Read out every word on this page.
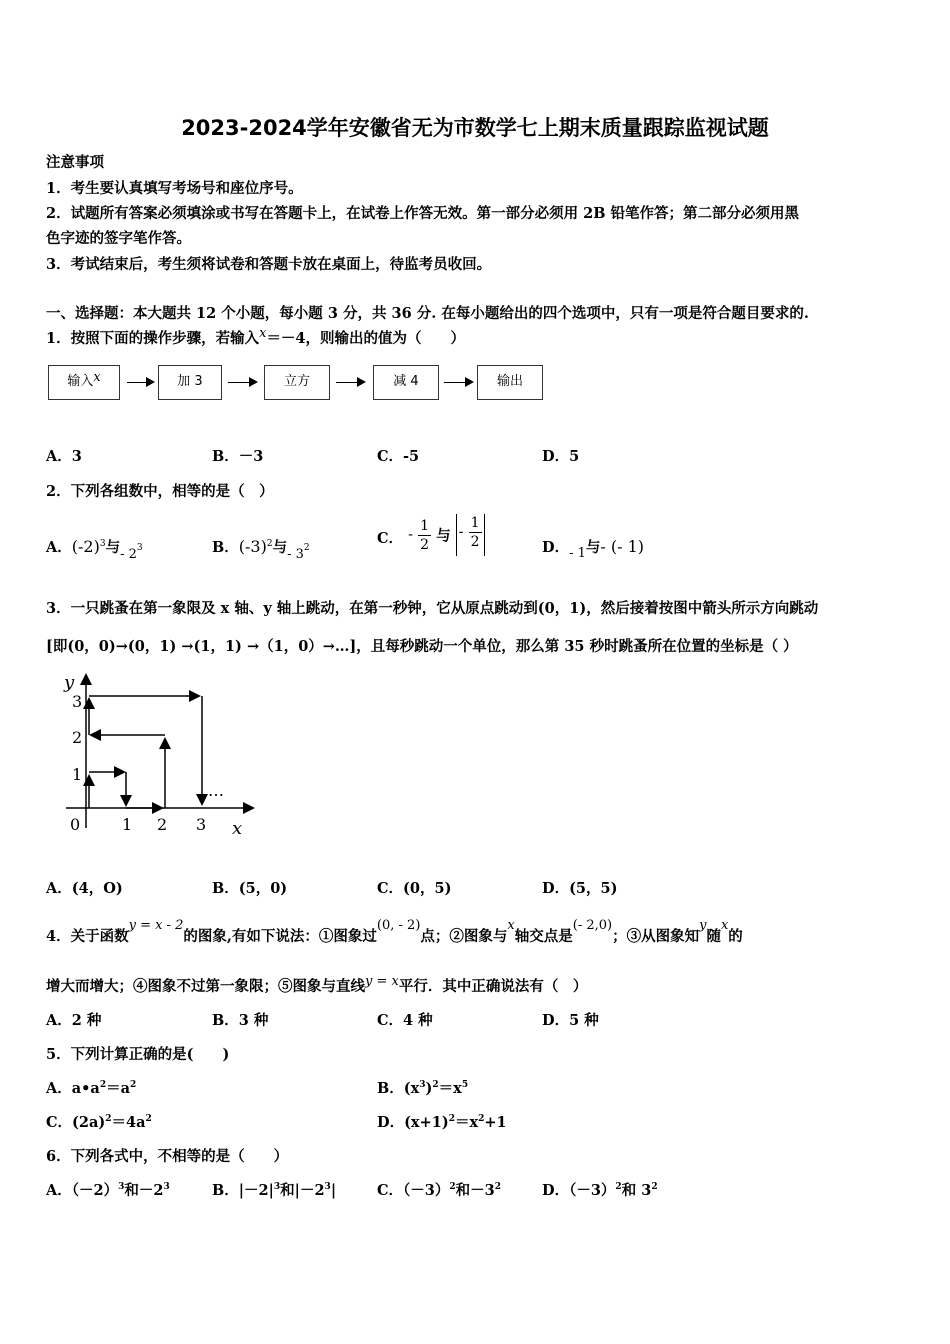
2023-2024学年安徽省无为市数学七上期末质量跟踪监视试题
注意事项
1．考生要认真填写考场号和座位序号。
2．试题所有答案必须填涂或书写在答题卡上，在试卷上作答无效。第一部分必须用 2B 铅笔作答；第二部分必须用黑
色字迹的签字笔作答。
3．考试结束后，考生须将试卷和答题卡放在桌面上，待监考员收回。
一、选择题：本大题共 12 个小题，每小题 3 分，共 36 分. 在每小题给出的四个选项中，只有一项是符合题目要求的.
1．按照下面的操作步骤，若输入x＝－4，则输出的值为（　　）
输入x	加 3	立方	减 4	输出
A．3	B．－3	C．-5	D．5
2．下列各组数中，相等的是（　）
A．$(-2)^3$与- $2^3$	B．$(-3)^2$与- $3^2$
C． - $\frac{1}{2}$ 与 - $\frac{1}{2}$	D．- 1与- (- 1)
3．一只跳蚤在第一象限及 x 轴、y 轴上跳动，在第一秒钟，它从原点跳动到(0，1)，然后接着按图中箭头所示方向跳动
[即(0，0)→(0，1) →(1，1) →（1，0）→…]，且每秒跳动一个单位，那么第 35 秒时跳蚤所在位置的坐标是（ ）
…
y
x
0	1 2 3
1
2
3
A．(4，O)	B．(5，0)	C．(0，5)	D．(5，5)
4．关于函数y = x - 2的图象,有如下说法：①图象过(0, - 2)点；②图象与x轴交点是(- 2,0)；③从图象知y随x的
增大而增大；④图象不过第一象限；⑤图象与直线y = x平行．其中正确说法有（　）
A．2 种	B．3 种	C．4 种	D．5 种
5．下列计算正确的是(　　)
A．$a•a^2=a^2$	B．$(x^3)^2=x^5$
C．$(2a)^2=4a^2$	D．$(x+1)^2=x^2+1$
6．下列各式中，不相等的是（　　）
A．$(-2)^3$和$-2^3$	B．$|-2|^3$和$|-2^3|$	C．$(-3)^2$和$-3^2$	D．$(-3)^2$和 $3^2$
